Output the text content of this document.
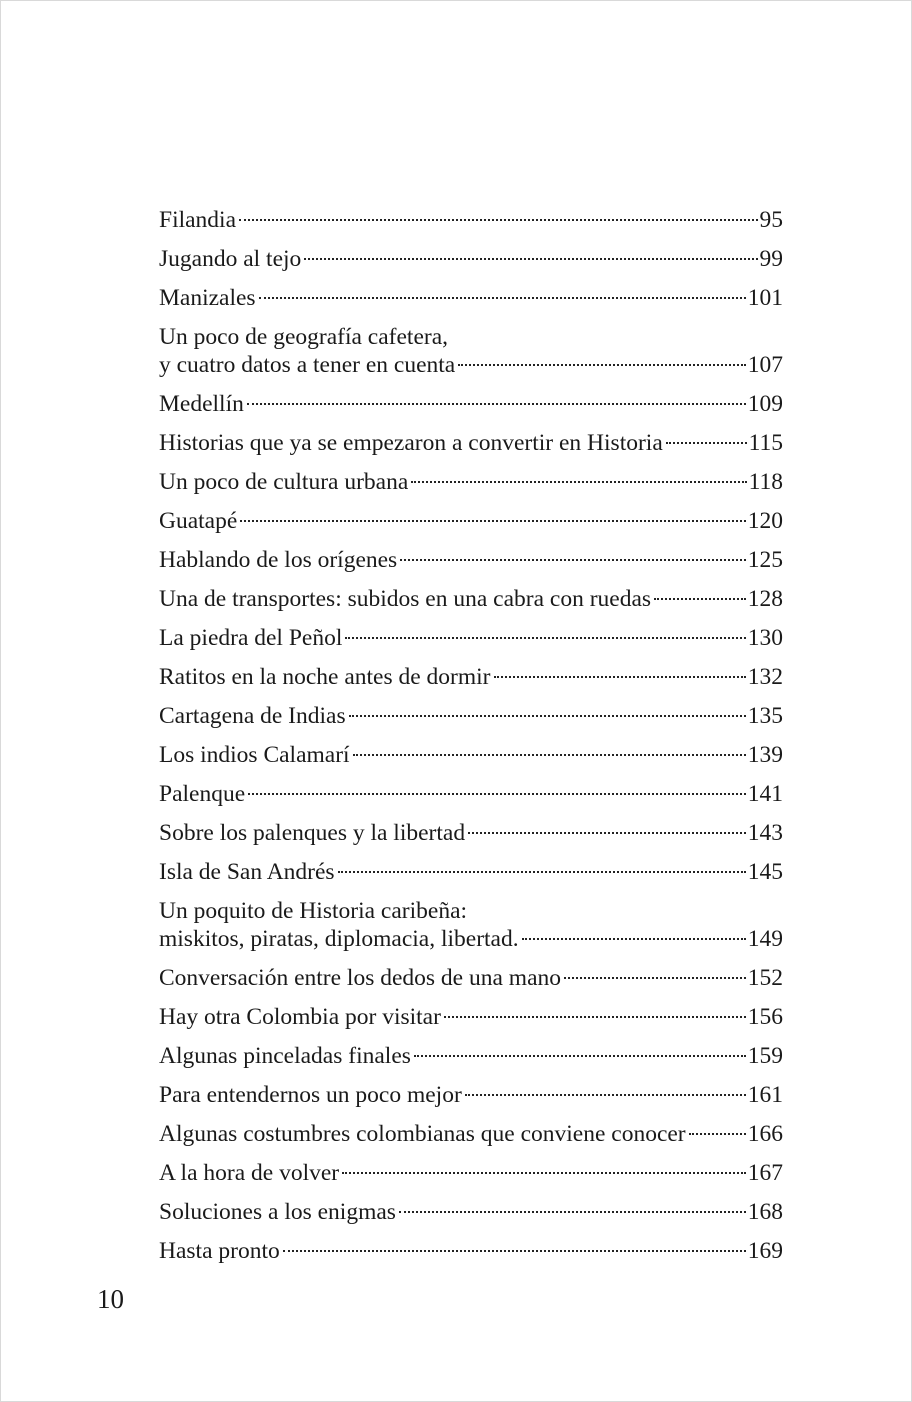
Filandia	95
Jugando al tejo	99
Manizales	101
Un poco de geografía cafetera,
y cuatro datos a tener en cuenta	107
Medellín	109
Historias que ya se empezaron a convertir en Historia	115
Un poco de cultura urbana	118
Guatapé	120
Hablando de los orígenes	125
Una de transportes: subidos en una cabra con ruedas	128
La piedra del Peñol	130
Ratitos en la noche antes de dormir	132
Cartagena de Indias	135
Los indios Calamarí	139
Palenque	141
Sobre los palenques y la libertad	143
Isla de San Andrés	145
Un poquito de Historia caribeña:
miskitos, piratas, diplomacia, libertad.	149
Conversación entre los dedos de una mano	152
Hay otra Colombia por visitar	156
Algunas pinceladas finales	159
Para entendernos un poco mejor	161
Algunas costumbres colombianas que conviene conocer	166
A la hora de volver	167
Soluciones a los enigmas	168
Hasta pronto	169
10
